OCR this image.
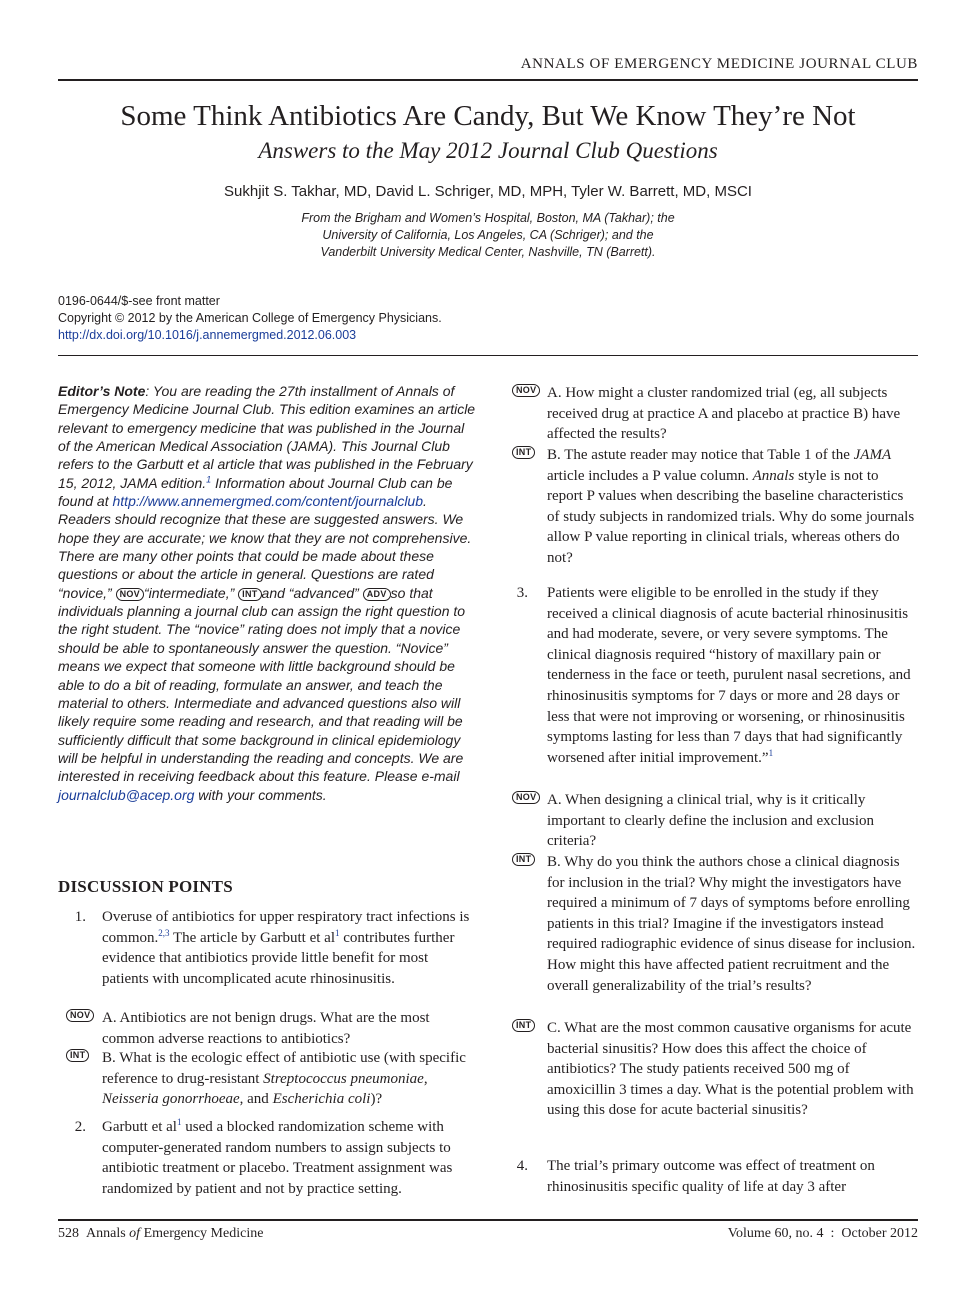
ANNALS OF EMERGENCY MEDICINE JOURNAL CLUB
Some Think Antibiotics Are Candy, But We Know They’re Not
Answers to the May 2012 Journal Club Questions
Sukhjit S. Takhar, MD, David L. Schriger, MD, MPH, Tyler W. Barrett, MD, MSCI
From the Brigham and Women’s Hospital, Boston, MA (Takhar); the
University of California, Los Angeles, CA (Schriger); and the
Vanderbilt University Medical Center, Nashville, TN (Barrett).
0196-0644/$-see front matter
Copyright © 2012 by the American College of Emergency Physicians.
http://dx.doi.org/10.1016/j.annemergmed.2012.06.003
Editor’s Note: You are reading the 27th installment of Annals of Emergency Medicine Journal Club. This edition examines an article relevant to emergency medicine that was published in the Journal of the American Medical Association (JAMA). This Journal Club refers to the Garbutt et al article that was published in the February 15, 2012, JAMA edition.$^1$ Information about Journal Club can be found at http://www.annemergmed.com/content/journalclub. Readers should recognize that these are suggested answers. We hope they are accurate; we know that they are not comprehensive. There are many other points that could be made about these questions or about the article in general. Questions are rated “novice,” NOV “intermediate,” INT and “advanced” ADV so that individuals planning a journal club can assign the right question to the right student. The “novice” rating does not imply that a novice should be able to spontaneously answer the question. “Novice” means we expect that someone with little background should be able to do a bit of reading, formulate an answer, and teach the material to others. Intermediate and advanced questions also will likely require some reading and research, and that reading will be sufficiently difficult that some background in clinical epidemiology will be helpful in understanding the reading and concepts. We are interested in receiving feedback about this feature. Please e-mail journalclub@acep.org with your comments.
DISCUSSION POINTS
1. Overuse of antibiotics for upper respiratory tract infections is common.$^{2,3}$ The article by Garbutt et $al^1$ contributes further evidence that antibiotics provide little benefit for most patients with uncomplicated acute rhinosinusitis.
NOV A. Antibiotics are not benign drugs. What are the most common adverse reactions to antibiotics?
INT B. What is the ecologic effect of antibiotic use (with specific reference to drug-resistant Streptococcus pneumoniae, Neisseria gonorrhoeae, and Escherichia coli)?
2. Garbutt et $al^1$ used a blocked randomization scheme with computer-generated random numbers to assign subjects to antibiotic treatment or placebo. Treatment assignment was randomized by patient and not by practice setting.
NOV A. How might a cluster randomized trial (eg, all subjects received drug at practice A and placebo at practice B) have affected the results?
INT B. The astute reader may notice that Table 1 of the JAMA article includes a P value column. Annals style is not to report P values when describing the baseline characteristics of study subjects in randomized trials. Why do some journals allow P value reporting in clinical trials, whereas others do not?
3. Patients were eligible to be enrolled in the study if they received a clinical diagnosis of acute bacterial rhinosinusitis and had moderate, severe, or very severe symptoms. The clinical diagnosis required “history of maxillary pain or tenderness in the face or teeth, purulent nasal secretions, and rhinosinusitis symptoms for 7 days or more and 28 days or less that were not improving or worsening, or rhinosinusitis symptoms lasting for less than 7 days that had significantly worsened after initial improvement.”$^1$
NOV A. When designing a clinical trial, why is it critically important to clearly define the inclusion and exclusion criteria?
INT B. Why do you think the authors chose a clinical diagnosis for inclusion in the trial? Why might the investigators have required a minimum of 7 days of symptoms before enrolling patients in this trial? Imagine if the investigators instead required radiographic evidence of sinus disease for inclusion. How might this have affected patient recruitment and the overall generalizability of the trial’s results?
INT C. What are the most common causative organisms for acute bacterial sinusitis? How does this affect the choice of antibiotics? The study patients received 500 mg of amoxicillin 3 times a day. What is the potential problem with using this dose for acute bacterial sinusitis?
4. The trial’s primary outcome was effect of treatment on rhinosinusitis specific quality of life at day 3 after
528 Annals of Emergency Medicine	Volume 60, no. 4  :  October 2012
